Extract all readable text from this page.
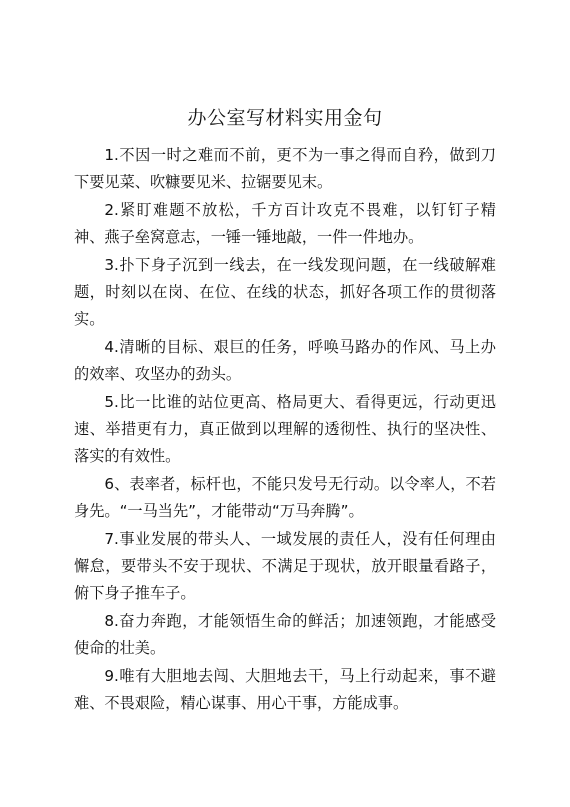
办公室写材料实用金句

1.不因一时之难而不前，更不为一事之得而自矜，做到刀下要见菜、吹糠要见米、拉锯要见末。

2.紧盯难题不放松，千方百计攻克不畏难，以钉钉子精神、燕子垒窝意志，一锤一锤地敲，一件一件地办。

3.扑下身子沉到一线去，在一线发现问题，在一线破解难题，时刻以在岗、在位、在线的状态，抓好各项工作的贯彻落实。

4.清晰的目标、艰巨的任务，呼唤马路办的作风、马上办的效率、攻坚办的劲头。

5.比一比谁的站位更高、格局更大、看得更远，行动更迅速、举措更有力，真正做到以理解的透彻性、执行的坚决性、落实的有效性。

6、表率者，标杆也，不能只发号无行动。以令率人，不若身先。“一马当先”，才能带动“万马奔腾”。

7.事业发展的带头人、一域发展的责任人，没有任何理由懈怠，要带头不安于现状、不满足于现状，放开眼量看路子，俯下身子推车子。

8.奋力奔跑，才能领悟生命的鲜活；加速领跑，才能感受使命的壮美。

9.唯有大胆地去闯、大胆地去干，马上行动起来，事不避难、不畏艰险，精心谋事、用心干事，方能成事。
